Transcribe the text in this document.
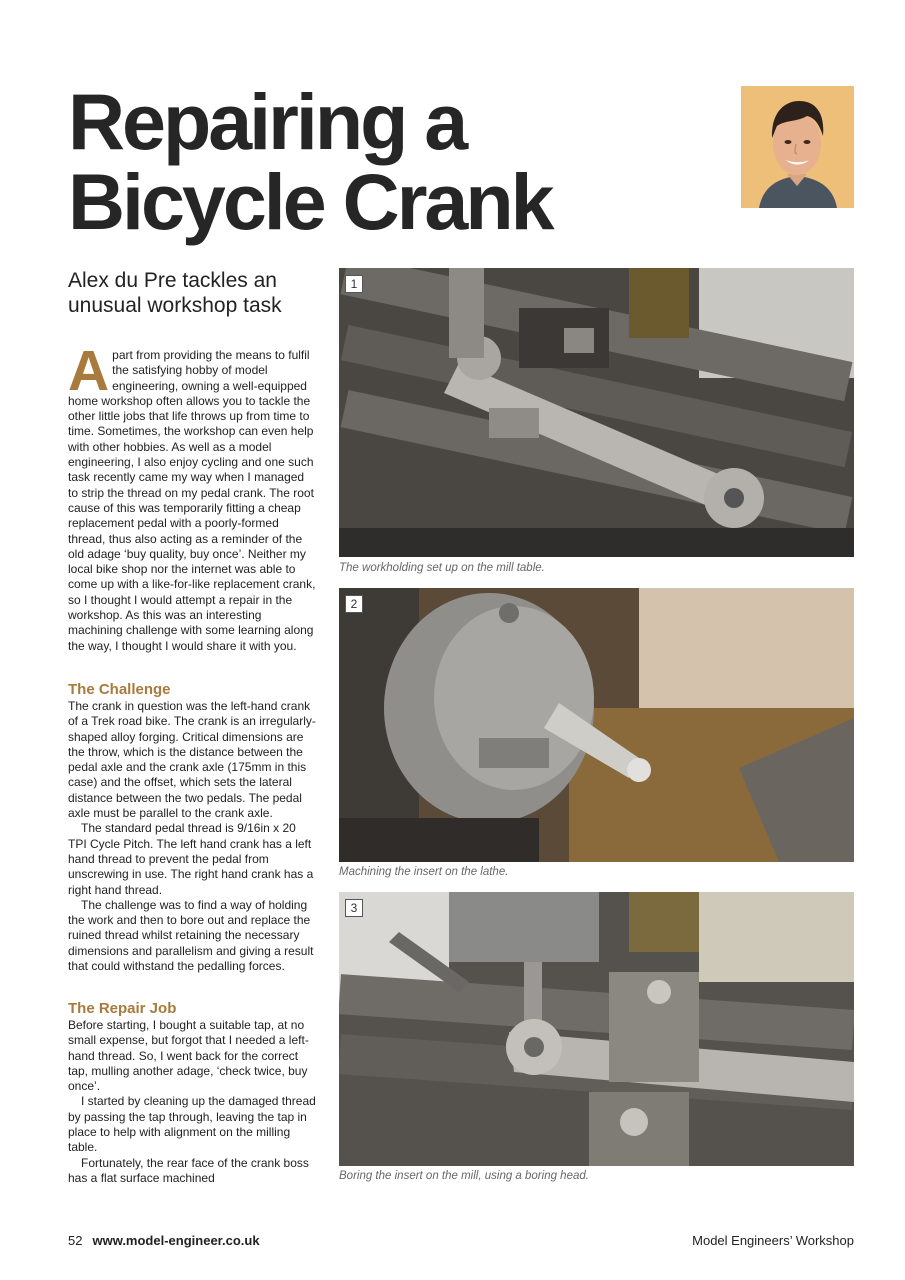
Repairing a
Bicycle Crank
Alex du Pre tackles an unusual workshop task

Apart from providing the means to fulfil the satisfying hobby of model engineering, owning a well-equipped home workshop often allows you to tackle the other little jobs that life throws up from time to time. Sometimes, the workshop can even help with other hobbies. As well as a model engineering, I also enjoy cycling and one such task recently came my way when I managed to strip the thread on my pedal crank. The root cause of this was temporarily fitting a cheap replacement pedal with a poorly-formed thread, thus also acting as a reminder of the old adage ‘buy quality, buy once’. Neither my local bike shop nor the internet was able to come up with a like-for-like replacement crank, so I thought I would attempt a repair in the workshop. As this was an interesting machining challenge with some learning along the way, I thought I would share it with you.

The Challenge

The crank in question was the left-hand crank of a Trek road bike. The crank is an irregularly-shaped alloy forging. Critical dimensions are the throw, which is the distance between the pedal axle and the crank axle (175mm in this case) and the offset, which sets the lateral distance between the two pedals. The pedal axle must be parallel to the crank axle.

The standard pedal thread is 9/16in x 20 TPI Cycle Pitch. The left hand crank has a left hand thread to prevent the pedal from unscrewing in use. The right hand crank has a right hand thread.

The challenge was to find a way of holding the work and then to bore out and replace the ruined thread whilst retaining the necessary dimensions and parallelism and giving a result that could withstand the pedalling forces.

The Repair Job

Before starting, I bought a suitable tap, at no small expense, but forgot that I needed a left-hand thread. So, I went back for the correct tap, mulling another adage, ‘check twice, buy once’.

I started by cleaning up the damaged thread by passing the tap through, leaving the tap in place to help with alignment on the milling table.

Fortunately, the rear face of the crank boss has a flat surface machined

1
The workholding set up on the mill table.
2
Machining the insert on the lathe.
3
Boring the insert on the mill, using a boring head.
52 www.model-engineer.co.uk	Model Engineers’ Workshop
